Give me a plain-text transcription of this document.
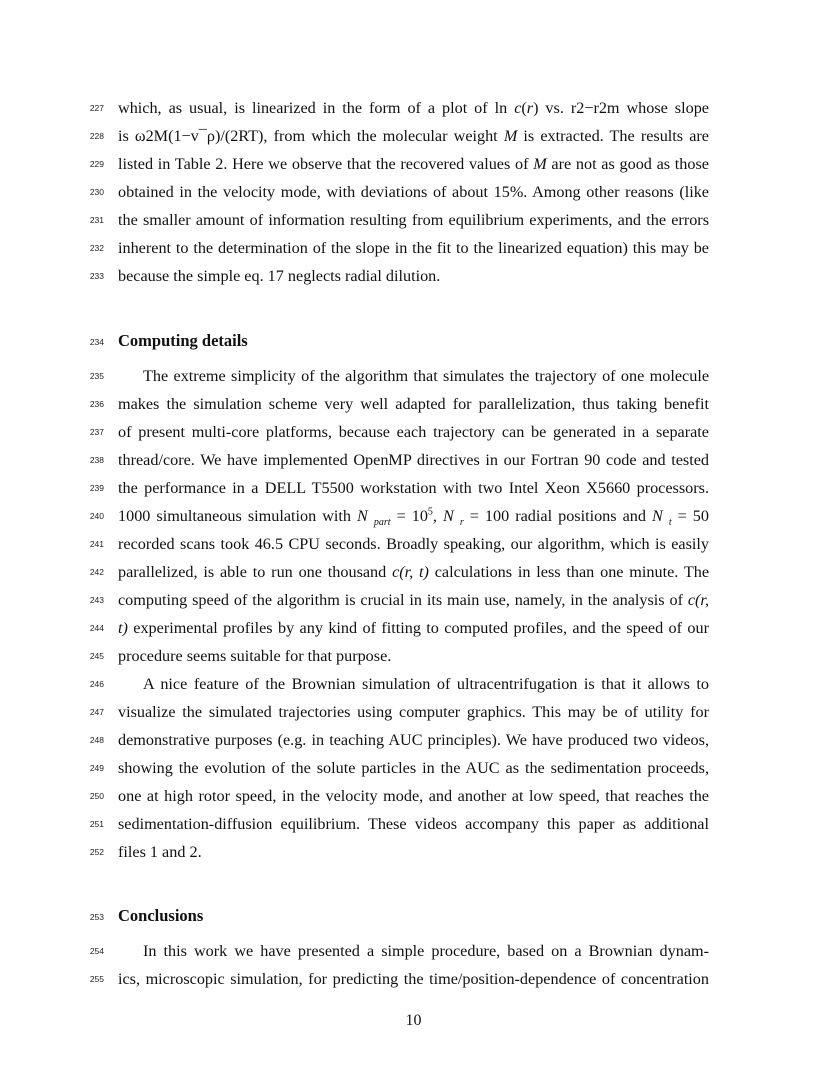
227
228
229
230
231
232
233
234
235
236
237
238
239
240
241
242
243
244
245
246
247
248
249
250
251
252
253
254
255
which, as usual, is linearized in the form of a plot of ln c(r) vs. r2−r2m whose slope
is ω2M(1−v¯ρ)/(2RT), from which the molecular weight M is extracted. The results are
listed in Table 2. Here we observe that the recovered values of M are not as good as those
obtained in the velocity mode, with deviations of about 15%. Among other reasons (like
the smaller amount of information resulting from equilibrium experiments, and the errors
inherent to the determination of the slope in the fit to the linearized equation) this may be
because the simple eq. 17 neglects radial dilution.
Computing details
The extreme simplicity of the algorithm that simulates the trajectory of one molecule
makes the simulation scheme very well adapted for parallelization, thus taking benefit
of present multi-core platforms, because each trajectory can be generated in a separate
thread/core. We have implemented OpenMP directives in our Fortran 90 code and tested
the performance in a DELL T5500 workstation with two Intel Xeon X5660 processors.
1000 simultaneous simulation with N $_{part} = 10^5$, N $_r$ = 100 radial positions and N $_t$ = 50
recorded scans took 46.5 CPU seconds. Broadly speaking, our algorithm, which is easily
parallelized, is able to run one thousand c(r, t) calculations in less than one minute. The
computing speed of the algorithm is crucial in its main use, namely, in the analysis of c(r,
t) experimental profiles by any kind of fitting to computed profiles, and the speed of our
procedure seems suitable for that purpose.
A nice feature of the Brownian simulation of ultracentrifugation is that it allows to
visualize the simulated trajectories using computer graphics. This may be of utility for
demonstrative purposes (e.g. in teaching AUC principles). We have produced two videos,
showing the evolution of the solute particles in the AUC as the sedimentation proceeds,
one at high rotor speed, in the velocity mode, and another at low speed, that reaches the
sedimentation-diffusion equilibrium. These videos accompany this paper as additional
files 1 and 2.
Conclusions
In this work we have presented a simple procedure, based on a Brownian dynam-
ics, microscopic simulation, for predicting the time/position-dependence of concentration
10
